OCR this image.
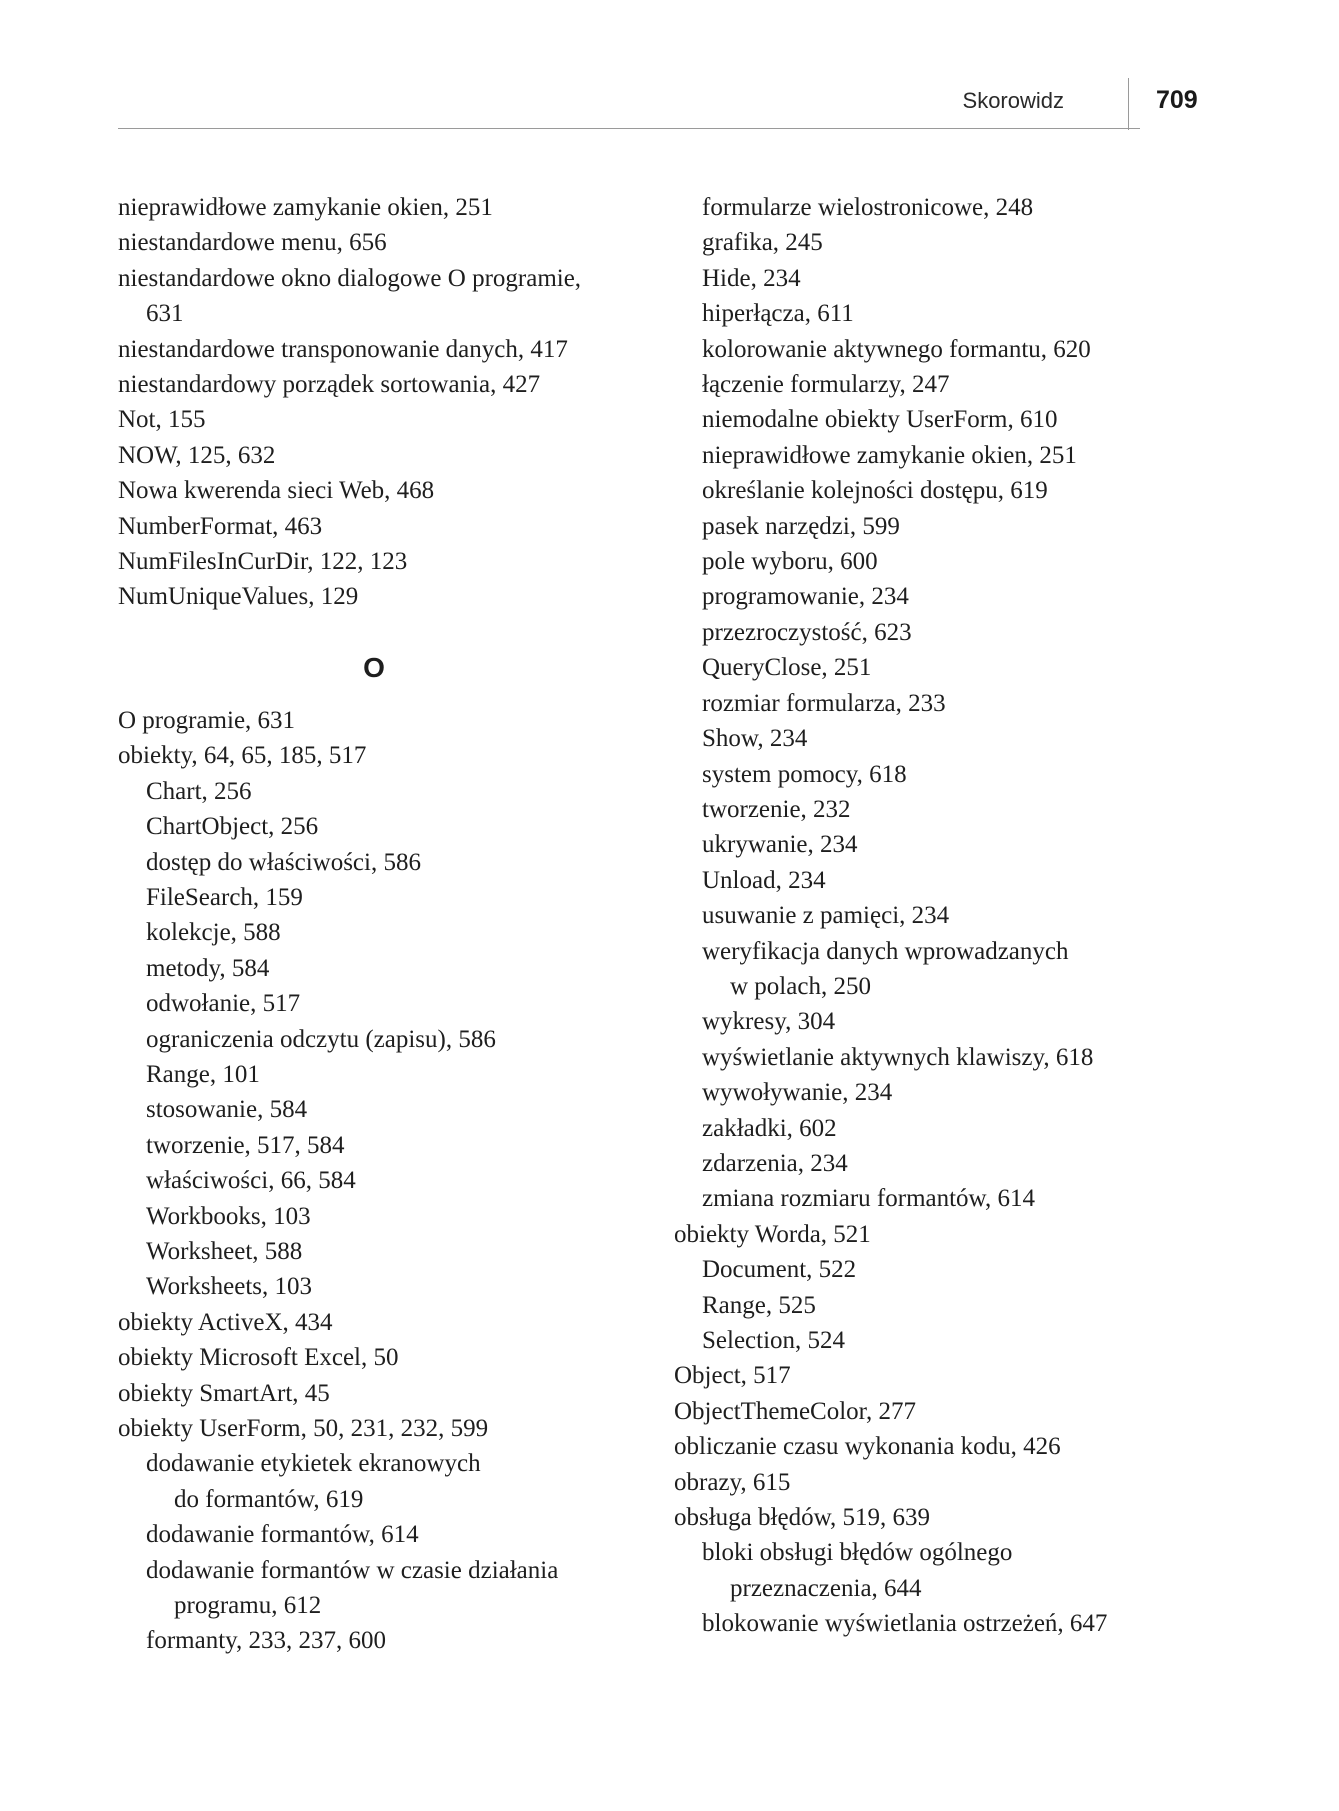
Skorowidz	709
nieprawidłowe zamykanie okien, 251
niestandardowe menu, 656
niestandardowe okno dialogowe O programie,
631
niestandardowe transponowanie danych, 417
niestandardowy porządek sortowania, 427
Not, 155
NOW, 125, 632
Nowa kwerenda sieci Web, 468
NumberFormat, 463
NumFilesInCurDir, 122, 123
NumUniqueValues, 129
O
O programie, 631
obiekty, 64, 65, 185, 517
Chart, 256
ChartObject, 256
dostęp do właściwości, 586
FileSearch, 159
kolekcje, 588
metody, 584
odwołanie, 517
ograniczenia odczytu (zapisu), 586
Range, 101
stosowanie, 584
tworzenie, 517, 584
właściwości, 66, 584
Workbooks, 103
Worksheet, 588
Worksheets, 103
obiekty ActiveX, 434
obiekty Microsoft Excel, 50
obiekty SmartArt, 45
obiekty UserForm, 50, 231, 232, 599
dodawanie etykietek ekranowych
do formantów, 619
dodawanie formantów, 614
dodawanie formantów w czasie działania
programu, 612
formanty, 233, 237, 600
formularze wielostronicowe, 248
grafika, 245
Hide, 234
hiperłącza, 611
kolorowanie aktywnego formantu, 620
łączenie formularzy, 247
niemodalne obiekty UserForm, 610
nieprawidłowe zamykanie okien, 251
określanie kolejności dostępu, 619
pasek narzędzi, 599
pole wyboru, 600
programowanie, 234
przezroczystość, 623
QueryClose, 251
rozmiar formularza, 233
Show, 234
system pomocy, 618
tworzenie, 232
ukrywanie, 234
Unload, 234
usuwanie z pamięci, 234
weryfikacja danych wprowadzanych
w polach, 250
wykresy, 304
wyświetlanie aktywnych klawiszy, 618
wywoływanie, 234
zakładki, 602
zdarzenia, 234
zmiana rozmiaru formantów, 614
obiekty Worda, 521
Document, 522
Range, 525
Selection, 524
Object, 517
ObjectThemeColor, 277
obliczanie czasu wykonania kodu, 426
obrazy, 615
obsługa błędów, 519, 639
bloki obsługi błędów ogólnego
przeznaczenia, 644
blokowanie wyświetlania ostrzeżeń, 647
